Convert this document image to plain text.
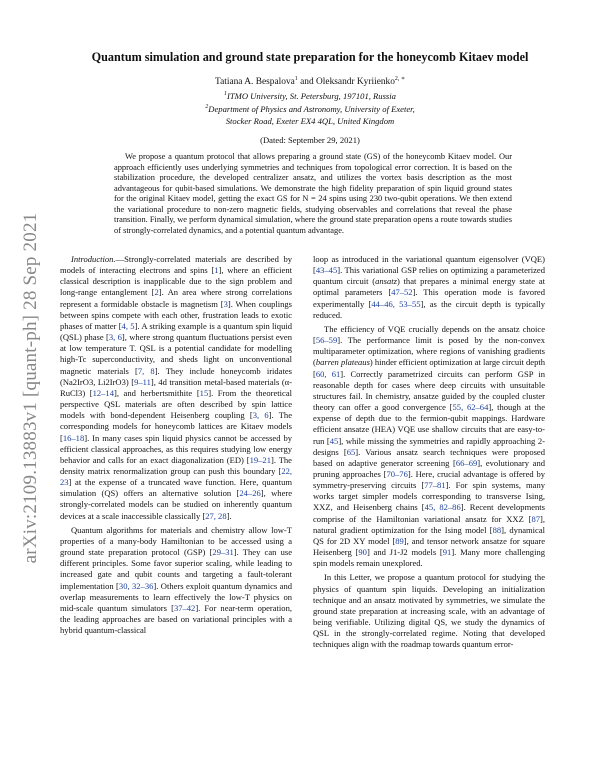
arXiv:2109.13883v1 [quant-ph] 28 Sep 2021
Quantum simulation and ground state preparation for the honeycomb Kitaev model
Tatiana A. Bespalova$^1$ and Oleksandr Kyriienko$^{2, ∗}$
$^1$ITMO University, St. Petersburg, 197101, Russia
$^2$Department of Physics and Astronomy, University of Exeter,
Stocker Road, Exeter EX4 4QL, United Kingdom
(Dated: September 29, 2021)
We propose a quantum protocol that allows preparing a ground state (GS) of the honeycomb Kitaev model. Our approach efficiently uses underlying symmetries and techniques from topological error correction. It is based on the stabilization procedure, the developed centralizer ansatz, and utilizes the vortex basis description as the most advantageous for qubit-based simulations. We demonstrate the high fidelity preparation of spin liquid ground states for the original Kitaev model, getting the exact GS for N = 24 spins using 230 two-qubit operations. We then extend the variational procedure to non-zero magnetic fields, studying observables and correlations that reveal the phase transition. Finally, we perform dynamical simulation, where the ground state preparation opens a route towards studies of strongly-correlated dynamics, and a potential quantum advantage.

Introduction.—Strongly-correlated materials are described by models of interacting electrons and spins [1], where an efficient classical description is inapplicable due to the sign problem and long-range entanglement [2]. An area where strong correlations represent a formidable obstacle is magnetism [3]. When couplings between spins compete with each other, frustration leads to exotic phases of matter [4, 5]. A striking example is a quantum spin liquid (QSL) phase [3, 6], where strong quantum fluctuations persist even at low temperature T. QSL is a potential candidate for modelling high-Tc superconductivity, and sheds light on unconventional magnetic materials [7, 8]. They include honeycomb iridates (Na2IrO3, Li2IrO3) [9–11], 4d transition metal-based materials (α-RuCl3) [12–14], and herbertsmithite [15]. From the theoretical perspective QSL materials are often described by spin lattice models with bond-dependent Heisenberg coupling [3, 6]. The corresponding models for honeycomb lattices are Kitaev models [16–18]. In many cases spin liquid physics cannot be accessed by efficient classical approaches, as this requires studying low energy behavior and calls for an exact diagonalization (ED) [19–21]. The density matrix renormalization group can push this boundary [22, 23] at the expense of a truncated wave function. Here, quantum simulation (QS) offers an alternative solution [24–26], where strongly-correlated models can be studied on inherently quantum devices at a scale inaccessible classically [27, 28].

Quantum algorithms for materials and chemistry allow low-T properties of a many-body Hamiltonian to be accessed using a ground state preparation protocol (GSP) [29–31]. They can use different principles. Some favor superior scaling, while leading to increased gate and qubit counts and targeting a fault-tolerant implementation [30, 32–36]. Others exploit quantum dynamics and overlap measurements to learn effectively the low-T physics on mid-scale quantum simulators [37–42]. For near-term operation, the leading approaches are based on variational principles with a hybrid quantum-classical

loop as introduced in the variational quantum eigensolver (VQE) [43–45]. This variational GSP relies on optimizing a parameterized quantum circuit (ansatz) that prepares a minimal energy state at optimal parameters [47–52]. This operation mode is favored experimentally [44–46, 53–55], as the circuit depth is typically reduced.

The efficiency of VQE crucially depends on the ansatz choice [56–59]. The performance limit is posed by the non-convex multiparameter optimization, where regions of vanishing gradients (barren plateaus) hinder efficient optimization at large circuit depth [60, 61]. Correctly parametrized circuits can perform GSP in reasonable depth for cases where deep circuits with unsuitable structures fail. In chemistry, ansatze guided by the coupled cluster theory can offer a good convergence [55, 62–64], though at the expense of depth due to the fermion-qubit mappings. Hardware efficient ansatze (HEA) VQE use shallow circuits that are easy-to-run [45], while missing the symmetries and rapidly approaching 2-designs [65]. Various ansatz search techniques were proposed based on adaptive generator screening [66–69], evolutionary and pruning approaches [70–76]. Here, crucial advantage is offered by symmetry-preserving circuits [77–81]. For spin systems, many works target simpler models corresponding to transverse Ising, XXZ, and Heisenberg chains [45, 82–86]. Recent developments comprise of the Hamiltonian variational ansatz for XXZ [87], natural gradient optimization for the Ising model [88], dynamical QS for 2D XY model [89], and tensor network ansatze for square Heisenberg [90] and J1-J2 models [91]. Many more challenging spin models remain unexplored.

In this Letter, we propose a quantum protocol for studying the physics of quantum spin liquids. Developing an initialization technique and an ansatz motivated by symmetries, we simulate the ground state preparation at increasing scale, with an advantage of being verifiable. Utilizing digital QS, we study the dynamics of QSL in the strongly-correlated regime. Noting that developed techniques align with the roadmap towards quantum error-
